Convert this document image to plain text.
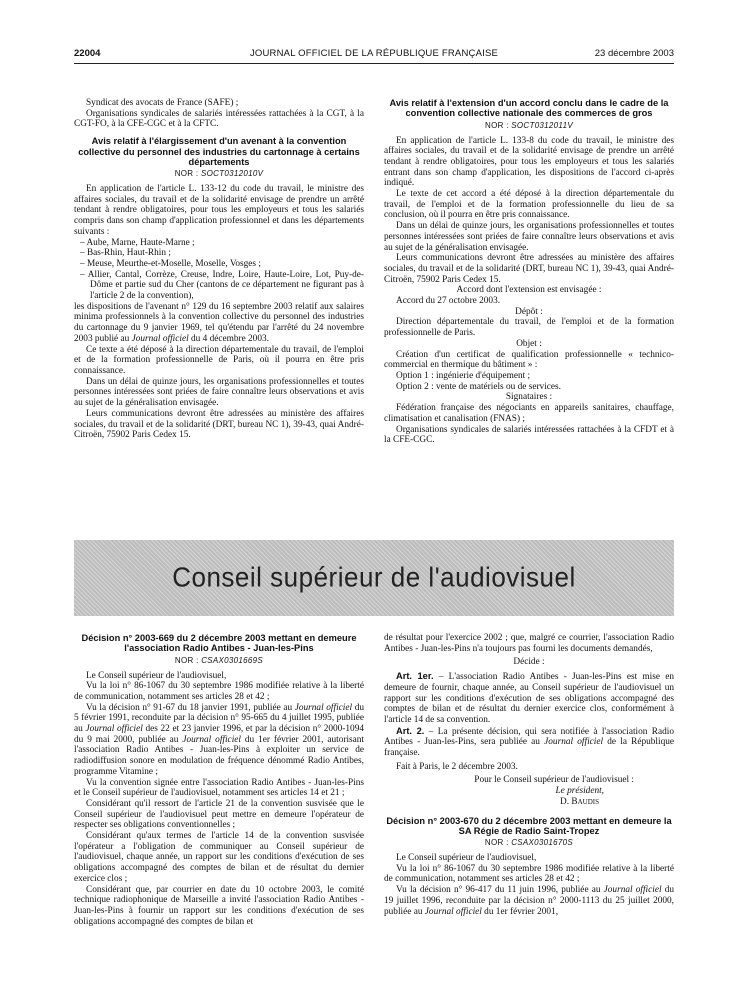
22004	JOURNAL OFFICIEL DE LA RÉPUBLIQUE FRANÇAISE	23 décembre 2003

Syndicat des avocats de France (SAFE) ;

Organisations syndicales de salariés intéressées rattachées à la CGT, à la CGT-FO, à la CFE-CGC et à la CFTC.

Avis relatif à l'élargissement d'un avenant à la convention collective du personnel des industries du cartonnage à certains départements
NOR : SOCT0312010V

En application de l'article L. 133-12 du code du travail, le ministre des affaires sociales, du travail et de la solidarité envisage de prendre un arrêté tendant à rendre obligatoires, pour tous les employeurs et tous les salariés compris dans son champ d'application professionnel et dans les départements suivants :

– Aube, Marne, Haute-Marne ;
– Bas-Rhin, Haut-Rhin ;
– Meuse, Meurthe-et-Moselle, Moselle, Vosges ;
– Allier, Cantal, Corrèze, Creuse, Indre, Loire, Haute-Loire, Lot, Puy-de-Dôme et partie sud du Cher (cantons de ce département ne figurant pas à l'article 2 de la convention),

les dispositions de l'avenant n° 129 du 16 septembre 2003 relatif aux salaires minima professionnels à la convention collective du personnel des industries du cartonnage du 9 janvier 1969, tel qu'étendu par l'arrêté du 24 novembre 2003 publié au Journal officiel du 4 décembre 2003.

Ce texte a été déposé à la direction départementale du travail, de l'emploi et de la formation professionnelle de Paris, où il pourra en être pris connaissance.

Dans un délai de quinze jours, les organisations professionnelles et toutes personnes intéressées sont priées de faire connaître leurs observations et avis au sujet de la généralisation envisagée.

Leurs communications devront être adressées au ministère des affaires sociales, du travail et de la solidarité (DRT, bureau NC 1), 39-43, quai André-Citroën, 75902 Paris Cedex 15.

Avis relatif à l'extension d'un accord conclu dans le cadre de la convention collective nationale des commerces de gros
NOR : SOCT0312011V

En application de l'article L. 133-8 du code du travail, le ministre des affaires sociales, du travail et de la solidarité envisage de prendre un arrêté tendant à rendre obligatoires, pour tous les employeurs et tous les salariés entrant dans son champ d'application, les dispositions de l'accord ci-après indiqué.

Le texte de cet accord a été déposé à la direction départementale du travail, de l'emploi et de la formation professionnelle du lieu de sa conclusion, où il pourra en être pris connaissance.

Dans un délai de quinze jours, les organisations professionnelles et toutes personnes intéressées sont priées de faire connaître leurs observations et avis au sujet de la généralisation envisagée.

Leurs communications devront être adressées au ministère des affaires sociales, du travail et de la solidarité (DRT, bureau NC 1), 39-43, quai André-Citroën, 75902 Paris Cedex 15.

Accord dont l'extension est envisagée :

Accord du 27 octobre 2003.

Dépôt :

Direction départementale du travail, de l'emploi et de la formation professionnelle de Paris.

Objet :

Création d'un certificat de qualification professionnelle « technico-commercial en thermique du bâtiment » :

Option 1 : ingénierie d'équipement ;

Option 2 : vente de matériels ou de services.

Signataires :

Fédération française des négociants en appareils sanitaires, chauffage, climatisation et canalisation (FNAS) ;

Organisations syndicales de salariés intéressées rattachées à la CFDT et à la CFE-CGC.

Conseil supérieur de l'audiovisuel
Décision n° 2003-669 du 2 décembre 2003 mettant en demeure l'association Radio Antibes - Juan-les-Pins
NOR : CSAX0301669S

Le Conseil supérieur de l'audiovisuel,

Vu la loi n° 86-1067 du 30 septembre 1986 modifiée relative à la liberté de communication, notamment ses articles 28 et 42 ;

Vu la décision n° 91-67 du 18 janvier 1991, publiée au Journal officiel du 5 février 1991, reconduite par la décision n° 95-665 du 4 juillet 1995, publiée au Journal officiel des 22 et 23 janvier 1996, et par la décision n° 2000-1094 du 9 mai 2000, publiée au Journal officiel du 1er février 2001, autorisant l'association Radio Antibes - Juan-les-Pins à exploiter un service de radiodiffusion sonore en modulation de fréquence dénommé Radio Antibes, programme Vitamine ;

Vu la convention signée entre l'association Radio Antibes - Juan-les-Pins et le Conseil supérieur de l'audiovisuel, notamment ses articles 14 et 21 ;

Considérant qu'il ressort de l'article 21 de la convention susvisée que le Conseil supérieur de l'audiovisuel peut mettre en demeure l'opérateur de respecter ses obligations conventionnelles ;

Considérant qu'aux termes de l'article 14 de la convention susvisée l'opérateur a l'obligation de communiquer au Conseil supérieur de l'audiovisuel, chaque année, un rapport sur les conditions d'exécution de ses obligations accompagné des comptes de bilan et de résultat du dernier exercice clos ;

Considérant que, par courrier en date du 10 octobre 2003, le comité technique radiophonique de Marseille a invité l'association Radio Antibes - Juan-les-Pins à fournir un rapport sur les conditions d'exécution de ses obligations accompagné des comptes de bilan et

de résultat pour l'exercice 2002 ; que, malgré ce courrier, l'association Radio Antibes - Juan-les-Pins n'a toujours pas fourni les documents demandés,

Décide :

Art. 1er. – L'association Radio Antibes - Juan-les-Pins est mise en demeure de fournir, chaque année, au Conseil supérieur de l'audiovisuel un rapport sur les conditions d'exécution de ses obligations accompagné des comptes de bilan et de résultat du dernier exercice clos, conformément à l'article 14 de sa convention.

Art. 2. – La présente décision, qui sera notifiée à l'association Radio Antibes - Juan-les-Pins, sera publiée au Journal officiel de la République française.

Fait à Paris, le 2 décembre 2003.

Pour le Conseil supérieur de l'audiovisuel :

Le président,

D. Baudis

Décision n° 2003-670 du 2 décembre 2003 mettant en demeure la SA Régie de Radio Saint-Tropez
NOR : CSAX0301670S

Le Conseil supérieur de l'audiovisuel,

Vu la loi n° 86-1067 du 30 septembre 1986 modifiée relative à la liberté de communication, notamment ses articles 28 et 42 ;

Vu la décision n° 96-417 du 11 juin 1996, publiée au Journal officiel du 19 juillet 1996, reconduite par la décision n° 2000-1113 du 25 juillet 2000, publiée au Journal officiel du 1er février 2001,
